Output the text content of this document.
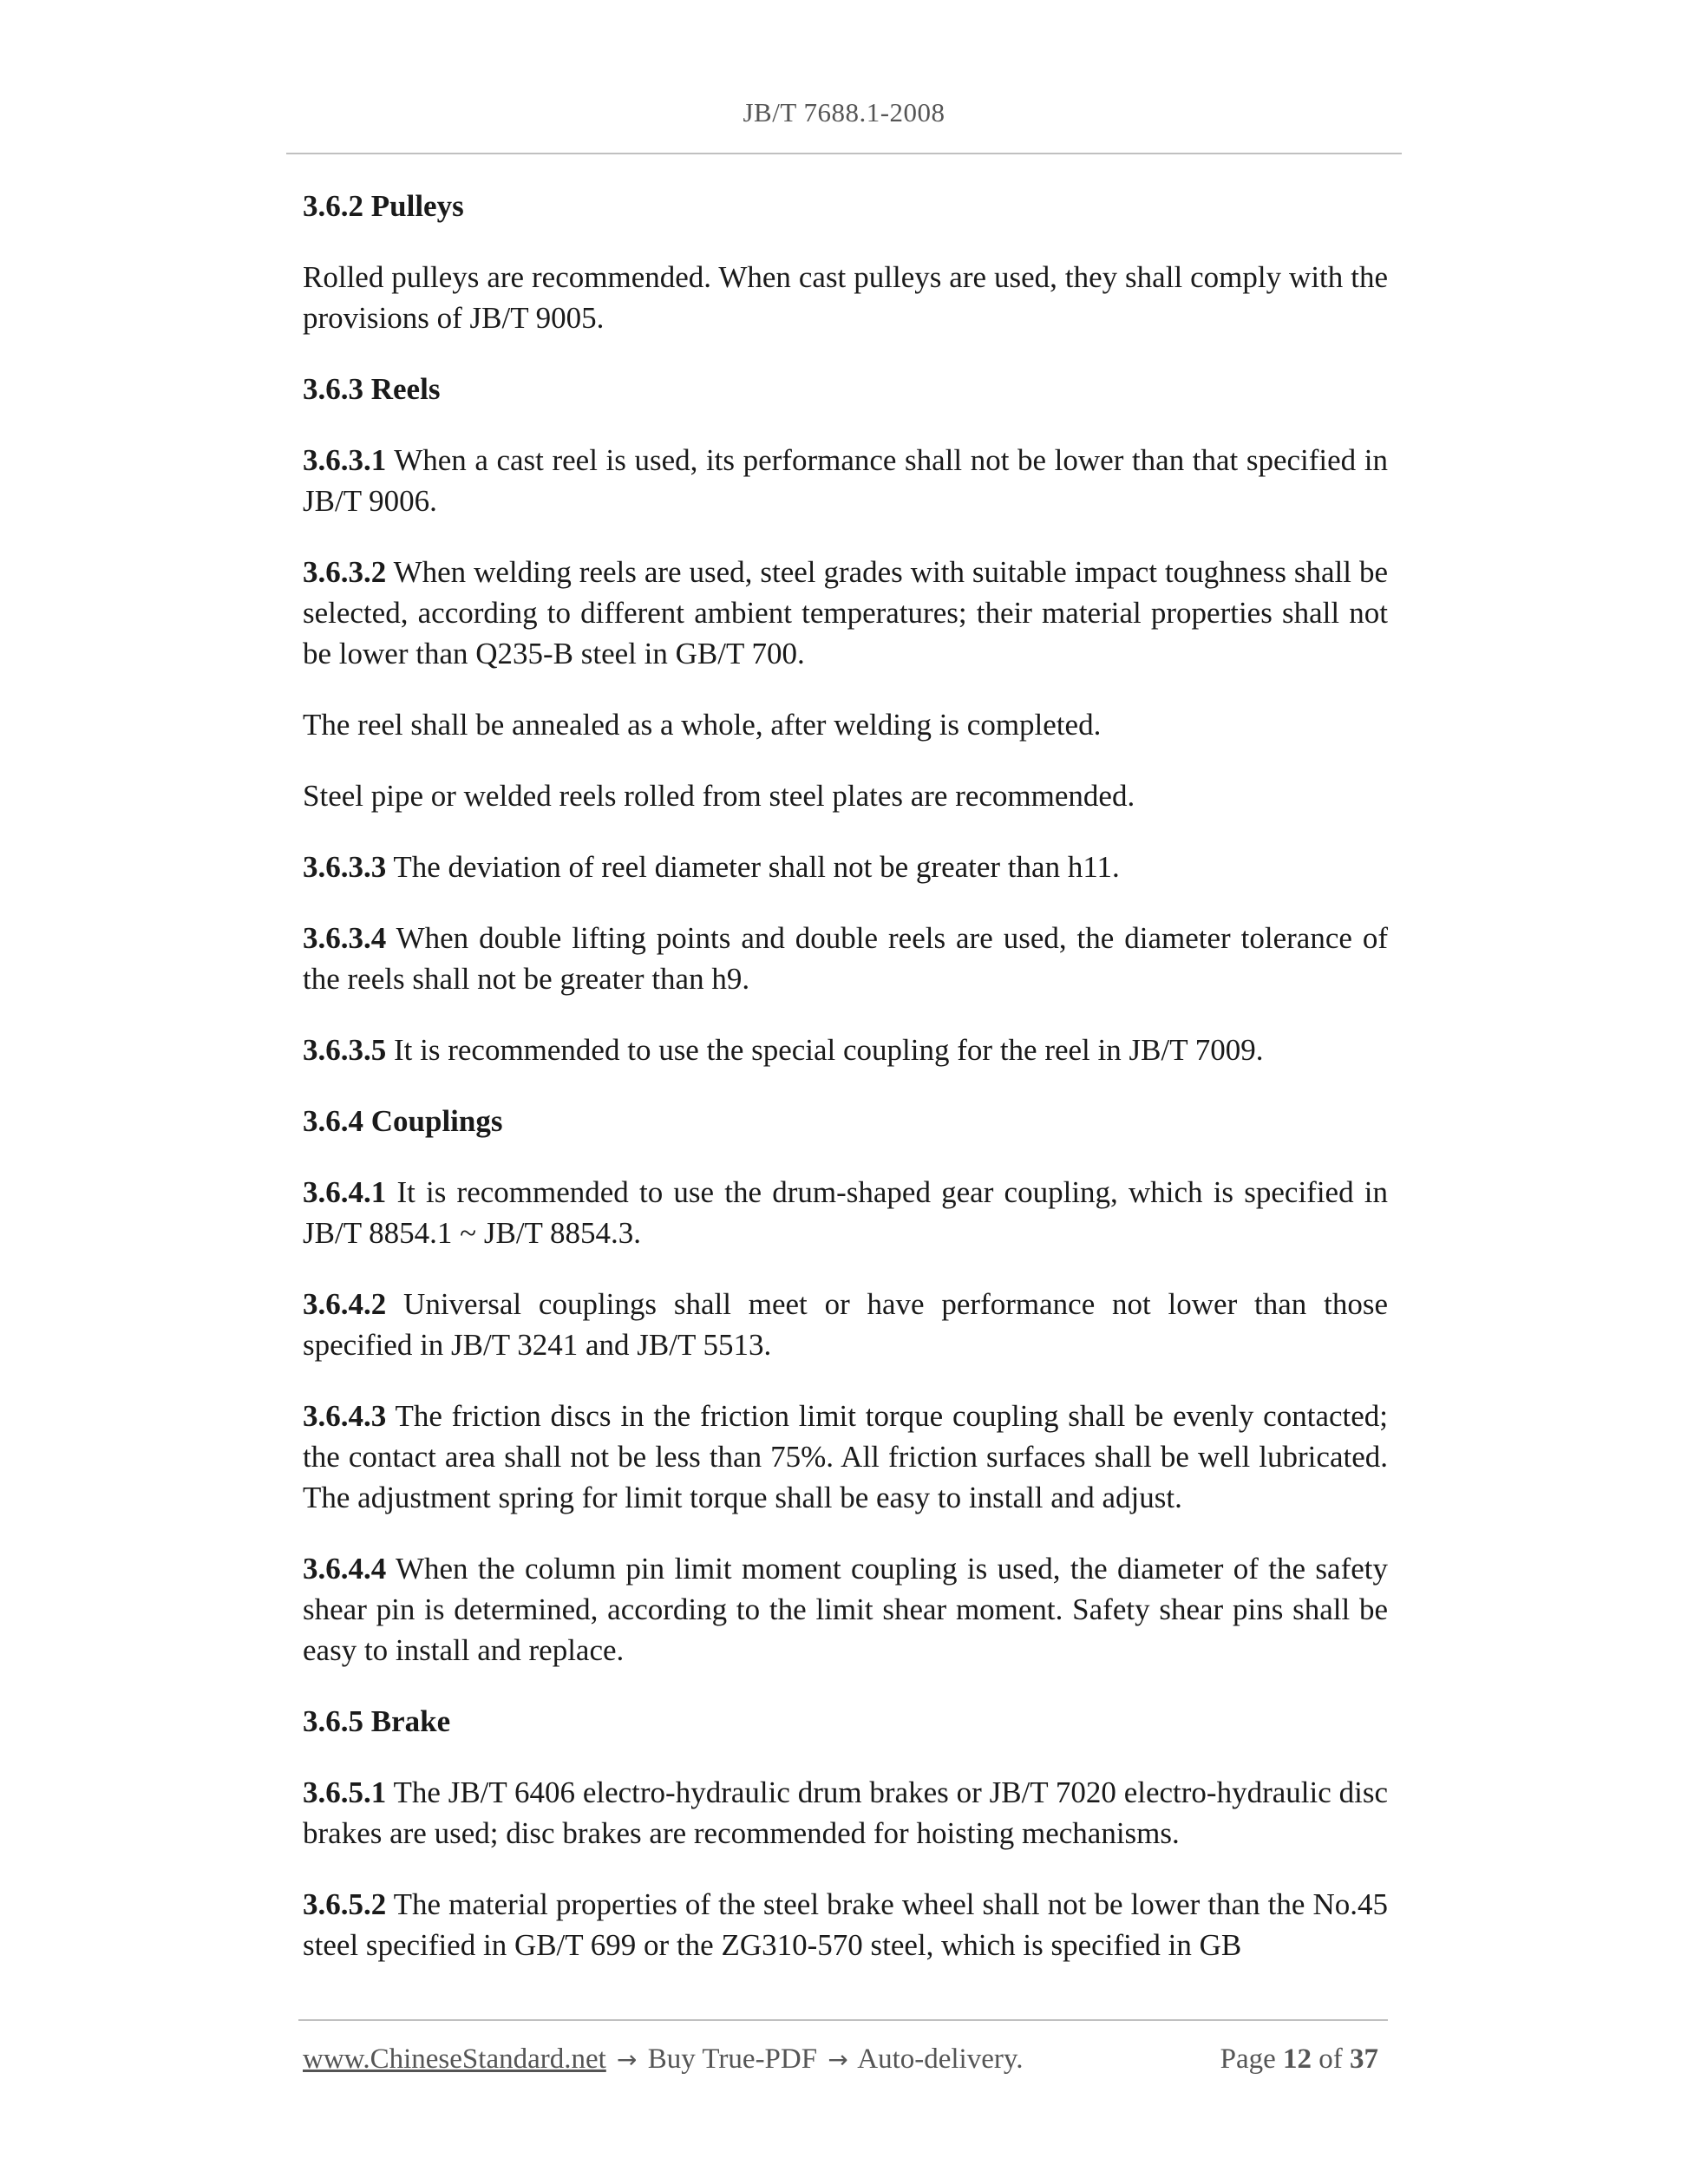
JB/T 7688.1-2008
3.6.2 Pulleys

Rolled pulleys are recommended. When cast pulleys are used, they shall comply with the provisions of JB/T 9005.

3.6.3 Reels

3.6.3.1 When a cast reel is used, its performance shall not be lower than that specified in JB/T 9006.

3.6.3.2 When welding reels are used, steel grades with suitable impact toughness shall be selected, according to different ambient temperatures; their material properties shall not be lower than Q235-B steel in GB/T 700.

The reel shall be annealed as a whole, after welding is completed.

Steel pipe or welded reels rolled from steel plates are recommended.

3.6.3.3 The deviation of reel diameter shall not be greater than h11.

3.6.3.4 When double lifting points and double reels are used, the diameter tolerance of the reels shall not be greater than h9.

3.6.3.5 It is recommended to use the special coupling for the reel in JB/T 7009.

3.6.4 Couplings

3.6.4.1 It is recommended to use the drum-shaped gear coupling, which is specified in JB/T 8854.1 ~ JB/T 8854.3.

3.6.4.2 Universal couplings shall meet or have performance not lower than those specified in JB/T 3241 and JB/T 5513.

3.6.4.3 The friction discs in the friction limit torque coupling shall be evenly contacted; the contact area shall not be less than 75%. All friction surfaces shall be well lubricated. The adjustment spring for limit torque shall be easy to install and adjust.

3.6.4.4 When the column pin limit moment coupling is used, the diameter of the safety shear pin is determined, according to the limit shear moment. Safety shear pins shall be easy to install and replace.

3.6.5 Brake

3.6.5.1 The JB/T 6406 electro-hydraulic drum brakes or JB/T 7020 electro-hydraulic disc brakes are used; disc brakes are recommended for hoisting mechanisms.

3.6.5.2 The material properties of the steel brake wheel shall not be lower than the No.45 steel specified in GB/T 699 or the ZG310-570 steel, which is specified in GB

www.ChineseStandard.net → Buy True-PDF → Auto-delivery.	Page 12 of 37
